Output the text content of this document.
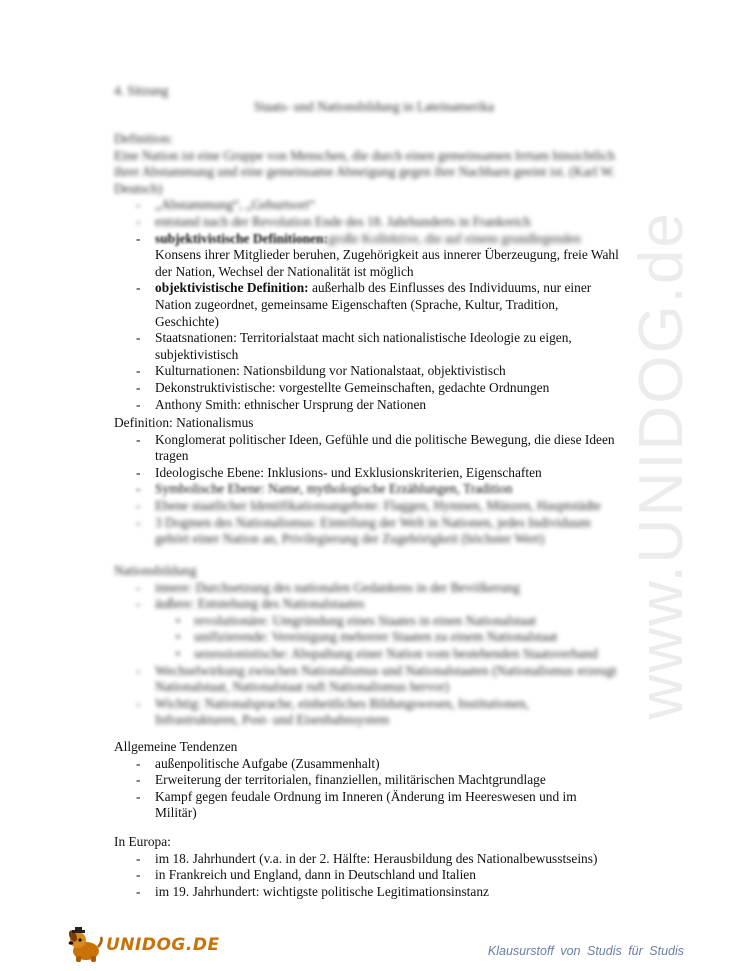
www.UNIDOG.de
4. Sitzung
Staats- und Nationsbildung in Lateinamerika
Definition:
Eine Nation ist eine Gruppe von Menschen, die durch einen gemeinsamen Irrtum hinsichtlich
ihrer Abstammung und eine gemeinsame Abneigung gegen ihre Nachbarn geeint ist. (Karl W.
Deutsch)
- „Abstammung“, „Geburtsort“
- entstand nach der Revolution Ende des 18. Jahrhunderts in Frankreich
- subjektivistische Definitionen:große Kollektive, die auf einem grundlegenden
Konsens ihrer Mitglieder beruhen, Zugehörigkeit aus innerer Überzeugung, freie Wahl
der Nation, Wechsel der Nationalität ist möglich
- objektivistische Definition: außerhalb des Einflusses des Individuums, nur einer
Nation zugeordnet, gemeinsame Eigenschaften (Sprache, Kultur, Tradition,
Geschichte)
- Staatsnationen: Territorialstaat macht sich nationalistische Ideologie zu eigen,
subjektivistisch
- Kulturnationen: Nationsbildung vor Nationalstaat, objektivistisch
- Dekonstruktivistische: vorgestellte Gemeinschaften, gedachte Ordnungen
- Anthony Smith: ethnischer Ursprung der Nationen
Definition: Nationalismus
- Konglomerat politischer Ideen, Gefühle und die politische Bewegung, die diese Ideen
tragen
- Ideologische Ebene: Inklusions- und Exklusionskriterien, Eigenschaften
- Symbolische Ebene: Name, mythologische Erzählungen, Tradition
- Ebene staatlicher Identifikationsangebote: Flaggen, Hymnen, Münzen, Hauptstädte
- 3 Dogmen des Nationalismus: Einteilung der Welt in Nationen, jedes Individuum
gehört einer Nation an, Privilegierung der Zugehörigkeit (höchster Wert)
Nationsbildung
- innere: Durchsetzung des nationalen Gedankens in der Bevölkerung
- äußere: Entstehung des Nationalstaates
▪ revolutionäre: Umgründung eines Staates in einen Nationalstaat
▪ unifizierende: Vereinigung mehrerer Staaten zu einem Nationalstaat
▪ sezessionistische: Abspaltung einer Nation vom bestehenden Staatsverband
- Wechselwirkung zwischen Nationalismus und Nationalstaaten (Nationalismus erzeugt
Nationalstaat, Nationalstaat ruft Nationalismus hervor)
- Wichtig: Nationalsprache, einheitliches Bildungswesen, Institutionen,
Infrastrukturen, Post- und Eisenbahnsystem
Allgemeine Tendenzen
- außenpolitische Aufgabe (Zusammenhalt)
- Erweiterung der territorialen, finanziellen, militärischen Machtgrundlage
- Kampf gegen feudale Ordnung im Inneren (Änderung im Heereswesen und im
Militär)
In Europa:
- im 18. Jahrhundert (v.a. in der 2. Hälfte: Herausbildung des Nationalbewusstseins)
- in Frankreich und England, dann in Deutschland und Italien
- im 19. Jahrhundert: wichtigste politische Legitimationsinstanz
UNIDOG.DE	Klausurstoff von Studis für Studis
